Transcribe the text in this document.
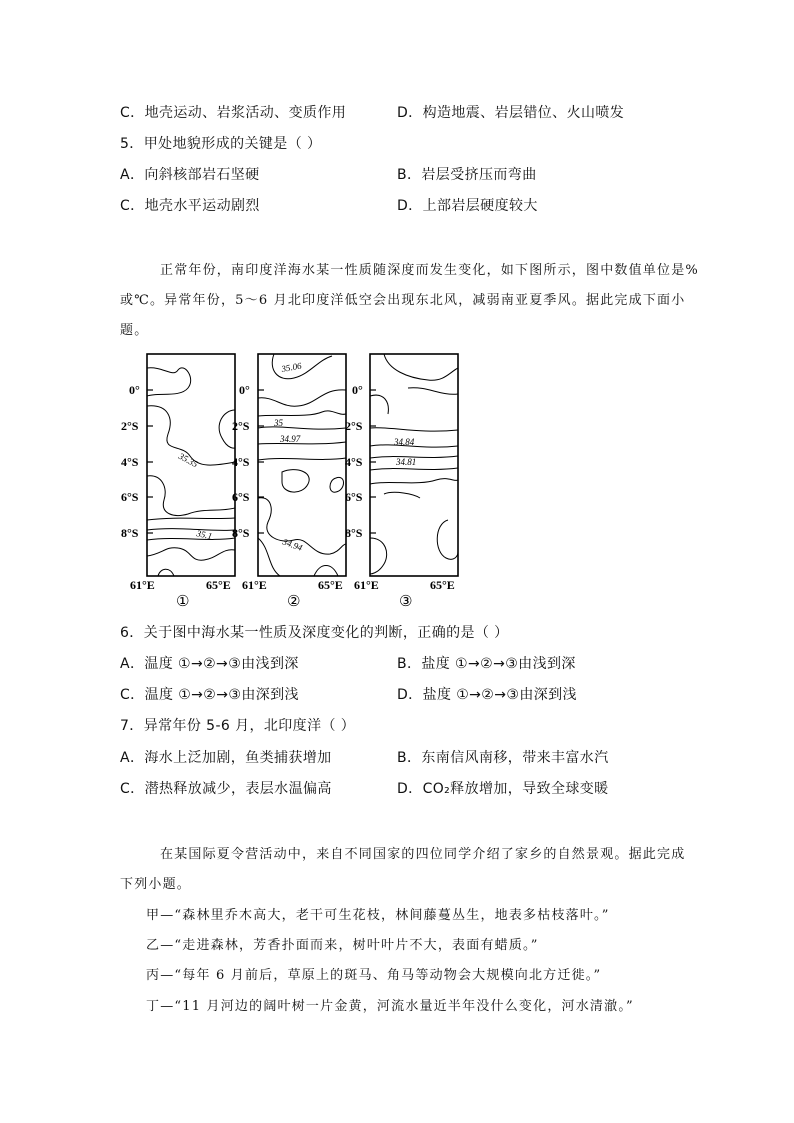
C．地壳运动、岩浆活动、变质作用	D．构造地震、岩层错位、火山喷发
5．甲处地貌形成的关键是（ ）
A．向斜核部岩石坚硬	B．岩层受挤压而弯曲
C．地壳水平运动剧烈	D．上部岩层硬度较大
正常年份，南印度洋海水某一性质随深度而发生变化，如下图所示，图中数值单位是%
或℃。异常年份，5～6 月北印度洋低空会出现东北风，减弱南亚夏季风。据此完成下面小
题。
0°
2°S
4°S
6°S
8°S
0°
2°S
4°S
6°S
8°S
0°
2°S
4°S
6°S
8°S
35.35
35.1
35.06
35
34.97
34.94
34.84
34.81
61°E	65°E 61°E	65°E 61°E	65°E
①	②	③
6．关于图中海水某一性质及深度变化的判断，正确的是（ ）
A．温度 ①→②→③由浅到深	B．盐度 ①→②→③由浅到深
C．温度 ①→②→③由深到浅	D．盐度 ①→②→③由深到浅
7．异常年份 5-6 月，北印度洋（ ）
A．海水上泛加剧，鱼类捕获增加	B．东南信风南移，带来丰富水汽
C．潜热释放减少，表层水温偏高	D．CO₂释放增加，导致全球变暖
在某国际夏令营活动中，来自不同国家的四位同学介绍了家乡的自然景观。据此完成
下列小题。
甲—“森林里乔木高大，老干可生花枝，林间藤蔓丛生，地表多枯枝落叶。”
乙—“走进森林，芳香扑面而来，树叶叶片不大，表面有蜡质。”
丙—“每年 6 月前后，草原上的斑马、角马等动物会大规模向北方迁徙。”
丁—“11 月河边的阔叶树一片金黄，河流水量近半年没什么变化，河水清澈。”
